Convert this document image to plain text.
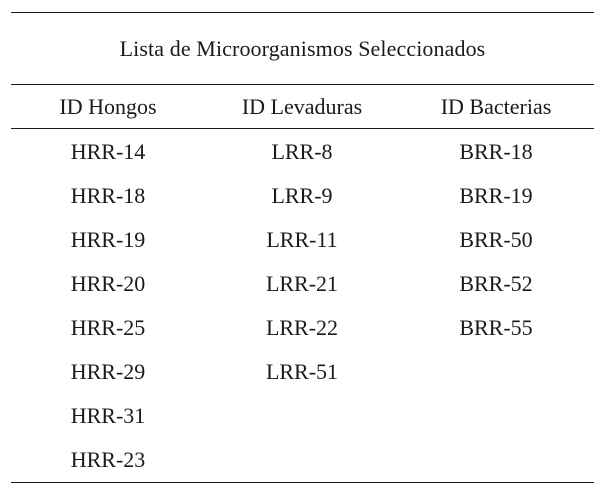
Lista de Microorganismos Seleccionados
ID Hongos	ID Levaduras	ID Bacterias
HRR-14
HRR-18
HRR-19
HRR-20
HRR-25
HRR-29
HRR-31
HRR-23
LRR-8
LRR-9
LRR-11
LRR-21
LRR-22
LRR-51
BRR-18
BRR-19
BRR-50
BRR-52
BRR-55
